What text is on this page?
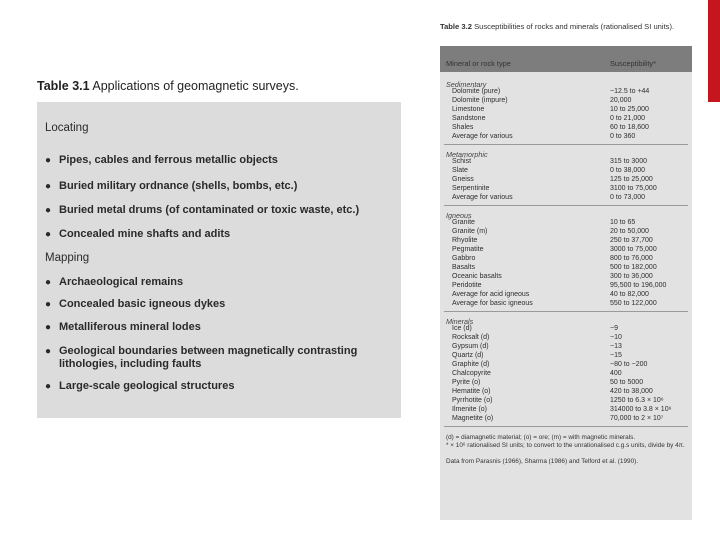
Table 3.1 Applications of geomagnetic surveys.
Locating
● Pipes, cables and ferrous metallic objects
● Buried military ordnance (shells, bombs, etc.)
● Buried metal drums (of contaminated or toxic waste, etc.)
● Concealed mine shafts and adits
Mapping
● Archaeological remains
● Concealed basic igneous dykes
● Metalliferous mineral lodes
● Geological boundaries between magnetically contrasting lithologies, including faults
● Large-scale geological structures
Table 3.2 Susceptibilities of rocks and minerals (rationalised SI units).
Mineral or rock type	Susceptibility*
Sedimentary
Dolomite (pure)	−12.5 to +44
Dolomite (impure)	20,000
Limestone	10 to 25,000
Sandstone	0 to 21,000
Shales	60 to 18,600
Average for various	0 to 360
Metamorphic
Schist	315 to 3000
Slate	0 to 38,000
Gneiss	125 to 25,000
Serpentinite	3100 to 75,000
Average for various	0 to 73,000
Igneous
Granite	10 to 65
Granite (m)	20 to 50,000
Rhyolite	250 to 37,700
Pegmatite	3000 to 75,000
Gabbro	800 to 76,000
Basalts	500 to 182,000
Oceanic basalts	300 to 36,000
Peridotite	95,500 to 196,000
Average for acid igneous	40 to 82,000
Average for basic igneous	550 to 122,000
Minerals
Ice (d)	−9
Rocksalt (d)	−10
Gypsum (d)	−13
Quartz (d)	−15
Graphite (d)	−80 to −200
Chalcopyrite	400
Pyrite (o)	50 to 5000
Hematite (o)	420 to 38,000
Pyrrhotite (o)	1250 to 6.3 × 10⁶
Ilmenite (o)	314000 to 3.8 × 10⁶
Magnetite (o)	70,000 to 2 × 10⁷
(d) = diamagnetic material; (o) = ore; (m) = with magnetic minerals.
* × 10⁶ rationalised SI units; to convert to the unrationalised c.g.s units, divide by 4π.
Data from Parasnis (1966), Sharma (1986) and Telford et al. (1990).
